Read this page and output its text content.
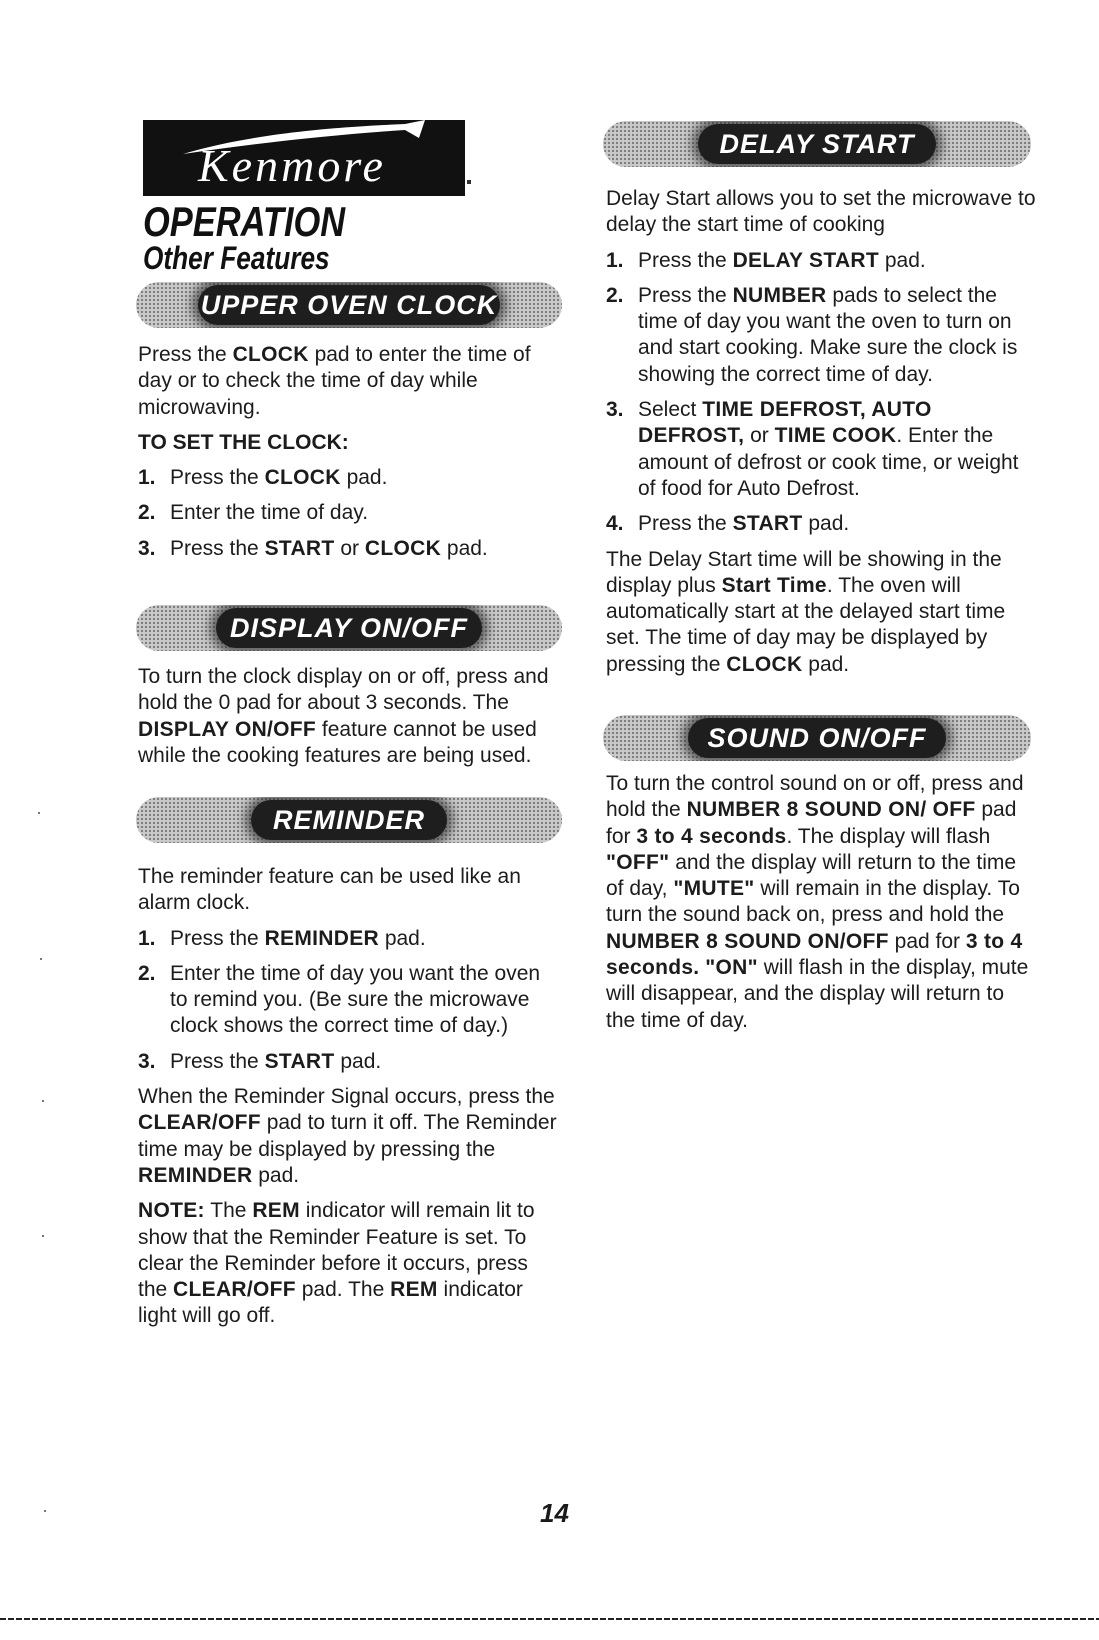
Kenmore
OPERATION
Other Features
UPPER OVEN CLOCK

Press the CLOCK pad to enter the time of day or to check the time of day while microwaving.

TO SET THE CLOCK:

1. Press the CLOCK pad.
2. Enter the time of day.
3. Press the START or CLOCK pad.
DISPLAY ON/OFF

To turn the clock display on or off, press and hold the 0 pad for about 3 seconds. The DISPLAY ON/OFF feature cannot be used while the cooking features are being used.

REMINDER

The reminder feature can be used like an alarm clock.

1. Press the REMINDER pad.
2. Enter the time of day you want the oven to remind you. (Be sure the microwave clock shows the correct time of day.)
3. Press the START pad.

When the Reminder Signal occurs, press the CLEAR/OFF pad to turn it off. The Reminder time may be displayed by pressing the REMINDER pad.

NOTE: The REM indicator will remain lit to show that the Reminder Feature is set. To clear the Reminder before it occurs, press the CLEAR/OFF pad. The REM indicator light will go off.

DELAY START

Delay Start allows you to set the microwave to delay the start time of cooking

1. Press the DELAY START pad.
2. Press the NUMBER pads to select the time of day you want the oven to turn on and start cooking. Make sure the clock is showing the correct time of day.
3. Select TIME DEFROST, AUTO DEFROST, or TIME COOK. Enter the amount of defrost or cook time, or weight of food for Auto Defrost.
4. Press the START pad.

The Delay Start time will be showing in the display plus Start Time. The oven will automatically start at the delayed start time set. The time of day may be displayed by pressing the CLOCK pad.

SOUND ON/OFF

To turn the control sound on or off, press and hold the NUMBER 8 SOUND ON/ OFF pad for 3 to 4 seconds. The display will flash "OFF" and the display will return to the time of day, "MUTE" will remain in the display. To turn the sound back on, press and hold the NUMBER 8 SOUND ON/OFF pad for 3 to 4 seconds. "ON" will flash in the display, mute will disappear, and the display will return to the time of day.

14
